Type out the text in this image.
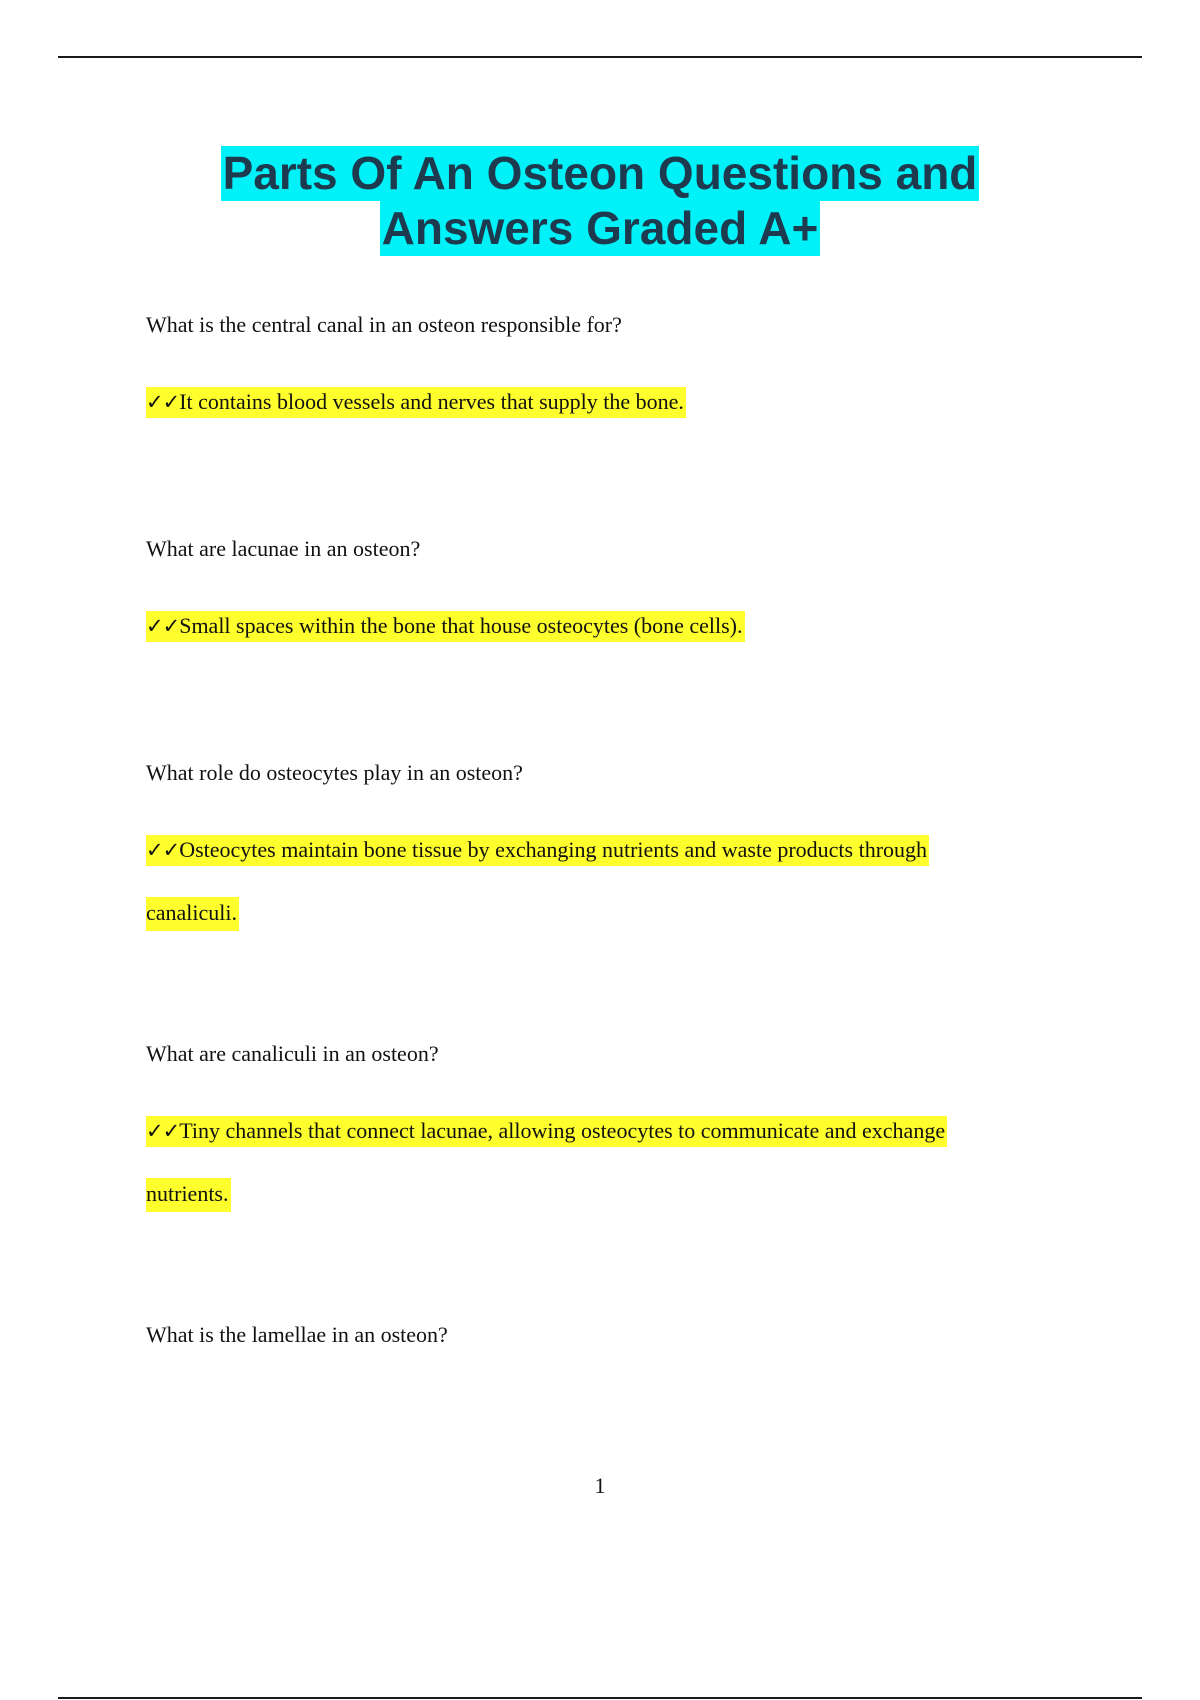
Parts Of An Osteon Questions and
Answers Graded A+
What is the central canal in an osteon responsible for?
✓✓It contains blood vessels and nerves that supply the bone.
What are lacunae in an osteon?
✓✓Small spaces within the bone that house osteocytes (bone cells).
What role do osteocytes play in an osteon?
✓✓Osteocytes maintain bone tissue by exchanging nutrients and waste products through
canaliculi.
What are canaliculi in an osteon?
✓✓Tiny channels that connect lacunae, allowing osteocytes to communicate and exchange
nutrients.
What is the lamellae in an osteon?
1
